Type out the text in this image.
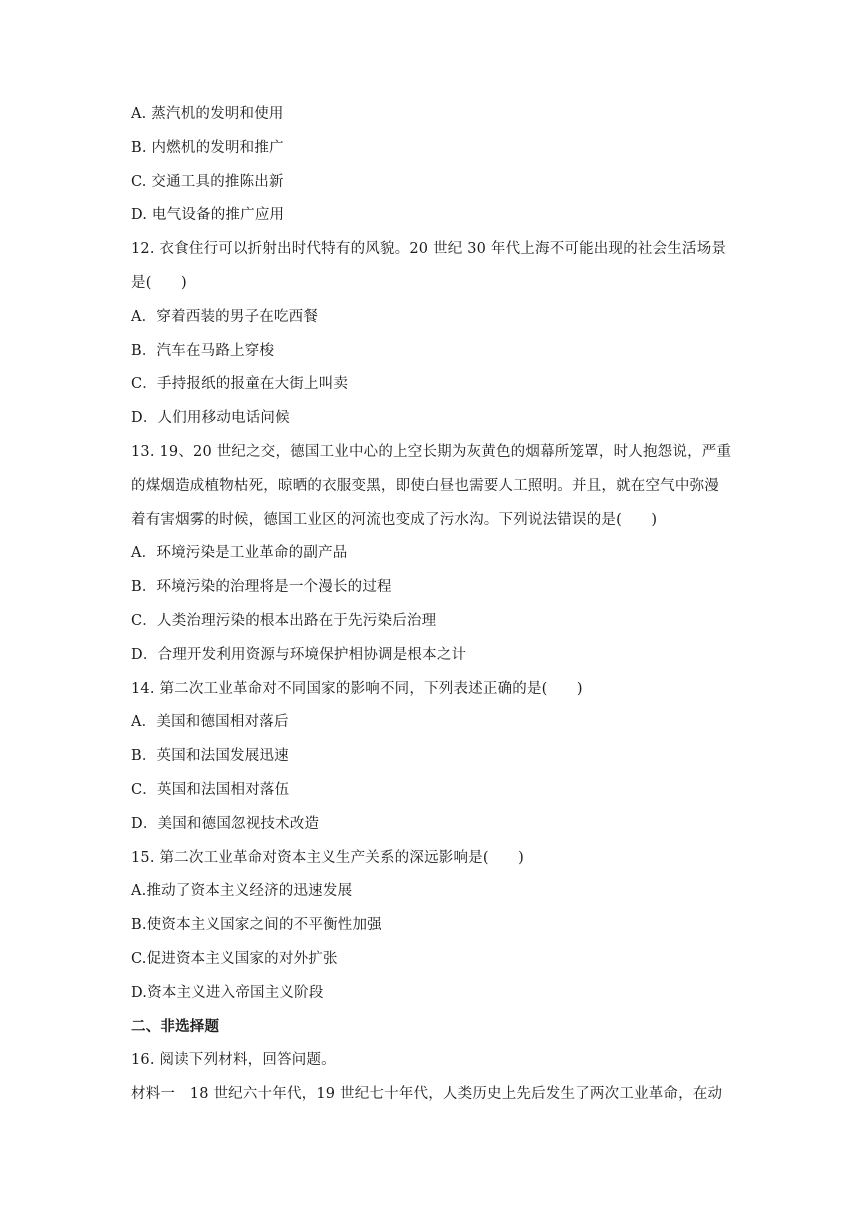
A. 蒸汽机的发明和使用
B. 内燃机的发明和推广
C. 交通工具的推陈出新
D. 电气设备的推广应用
12. 衣食住行可以折射出时代特有的风貌。20 世纪 30 年代上海不可能出现的社会生活场景
是(　　)
A．穿着西装的男子在吃西餐
B．汽车在马路上穿梭
C．手持报纸的报童在大街上叫卖
D．人们用移动电话问候
13. 19、20 世纪之交，德国工业中心的上空长期为灰黄色的烟幕所笼罩，时人抱怨说，严重
的煤烟造成植物枯死，晾晒的衣服变黑，即使白昼也需要人工照明。并且，就在空气中弥漫
着有害烟雾的时候，德国工业区的河流也变成了污水沟。下列说法错误的是(　　)
A．环境污染是工业革命的副产品
B．环境污染的治理将是一个漫长的过程
C．人类治理污染的根本出路在于先污染后治理
D．合理开发利用资源与环境保护相协调是根本之计
14. 第二次工业革命对不同国家的影响不同，下列表述正确的是(　　)
A．美国和德国相对落后
B．英国和法国发展迅速
C．英国和法国相对落伍
D．美国和德国忽视技术改造
15. 第二次工业革命对资本主义生产关系的深远影响是(　　)
A.推动了资本主义经济的迅速发展
B.使资本主义国家之间的不平衡性加强
C.促进资本主义国家的对外扩张
D.资本主义进入帝国主义阶段
二、非选择题
16. 阅读下列材料，回答问题。
材料一　18 世纪六十年代，19 世纪七十年代，人类历史上先后发生了两次工业革命，在动
